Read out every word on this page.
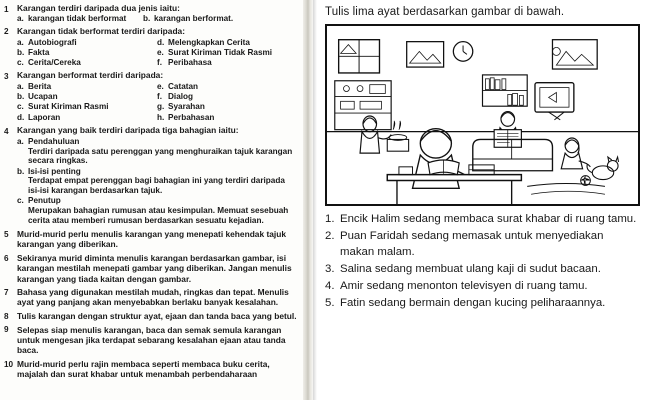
1	Karangan terdiri daripada dua jenis iaitu:

a. karangan tidak berformat	b. karangan berformat.
2	Karangan tidak berformat terdiri daripada:

a. Autobiografi
b. Fakta
c. Cerita/Cereka
d. Melengkapkan Cerita
e. Surat Kiriman Tidak Rasmi
f. Peribahasa
3	Karangan berformat terdiri daripada:

a. Berita
b. Ucapan
c. Surat Kiriman Rasmi
d. Laporan
e. Catatan
f. Dialog
g. Syarahan
h. Perbahasan
4	Karangan yang baik terdiri daripada tiga bahagian iaitu:

a. Pendahuluan
Terdiri daripada satu perenggan yang menghuraikan tajuk karangan secara ringkas.
b. Isi-isi penting
Terdapat empat perenggan bagi bahagian ini yang terdiri daripada isi-isi karangan berdasarkan tajuk.
c. Penutup
Merupakan bahagian rumusan atau kesimpulan. Memuat sesebuah cerita atau memberi rumusan berdasarkan sesuatu kejadian.
5	Murid-murid perlu menulis karangan yang menepati kehendak tajuk karangan yang diberikan.

6	Sekiranya murid diminta menulis karangan berdasarkan gambar, isi karangan mestilah menepati gambar yang diberikan. Jangan menulis karangan yang tiada kaitan dengan gambar.

7	Bahasa yang digunakan mestilah mudah, ringkas dan tepat. Menulis ayat yang panjang akan menyebabkan berlaku banyak kesalahan.

8	Tulis karangan dengan struktur ayat, ejaan dan tanda baca yang betul.

9	Selepas siap menulis karangan, baca dan semak semula karangan untuk mengesan jika terdapat sebarang kesalahan ejaan atau tanda baca.

10 Murid-murid perlu rajin membaca seperti membaca buku cerita, majalah dan surat khabar untuk menambah perbendaharaan

Tulis lima ayat berdasarkan gambar di bawah.

1. Encik Halim sedang membaca surat khabar di ruang tamu.
2. Puan Faridah sedang memasak untuk menyediakan makan malam.
3. Salina sedang membuat ulang kaji di sudut bacaan.
4. Amir sedang menonton televisyen di ruang tamu.
5. Fatin sedang bermain dengan kucing peliharaannya.
